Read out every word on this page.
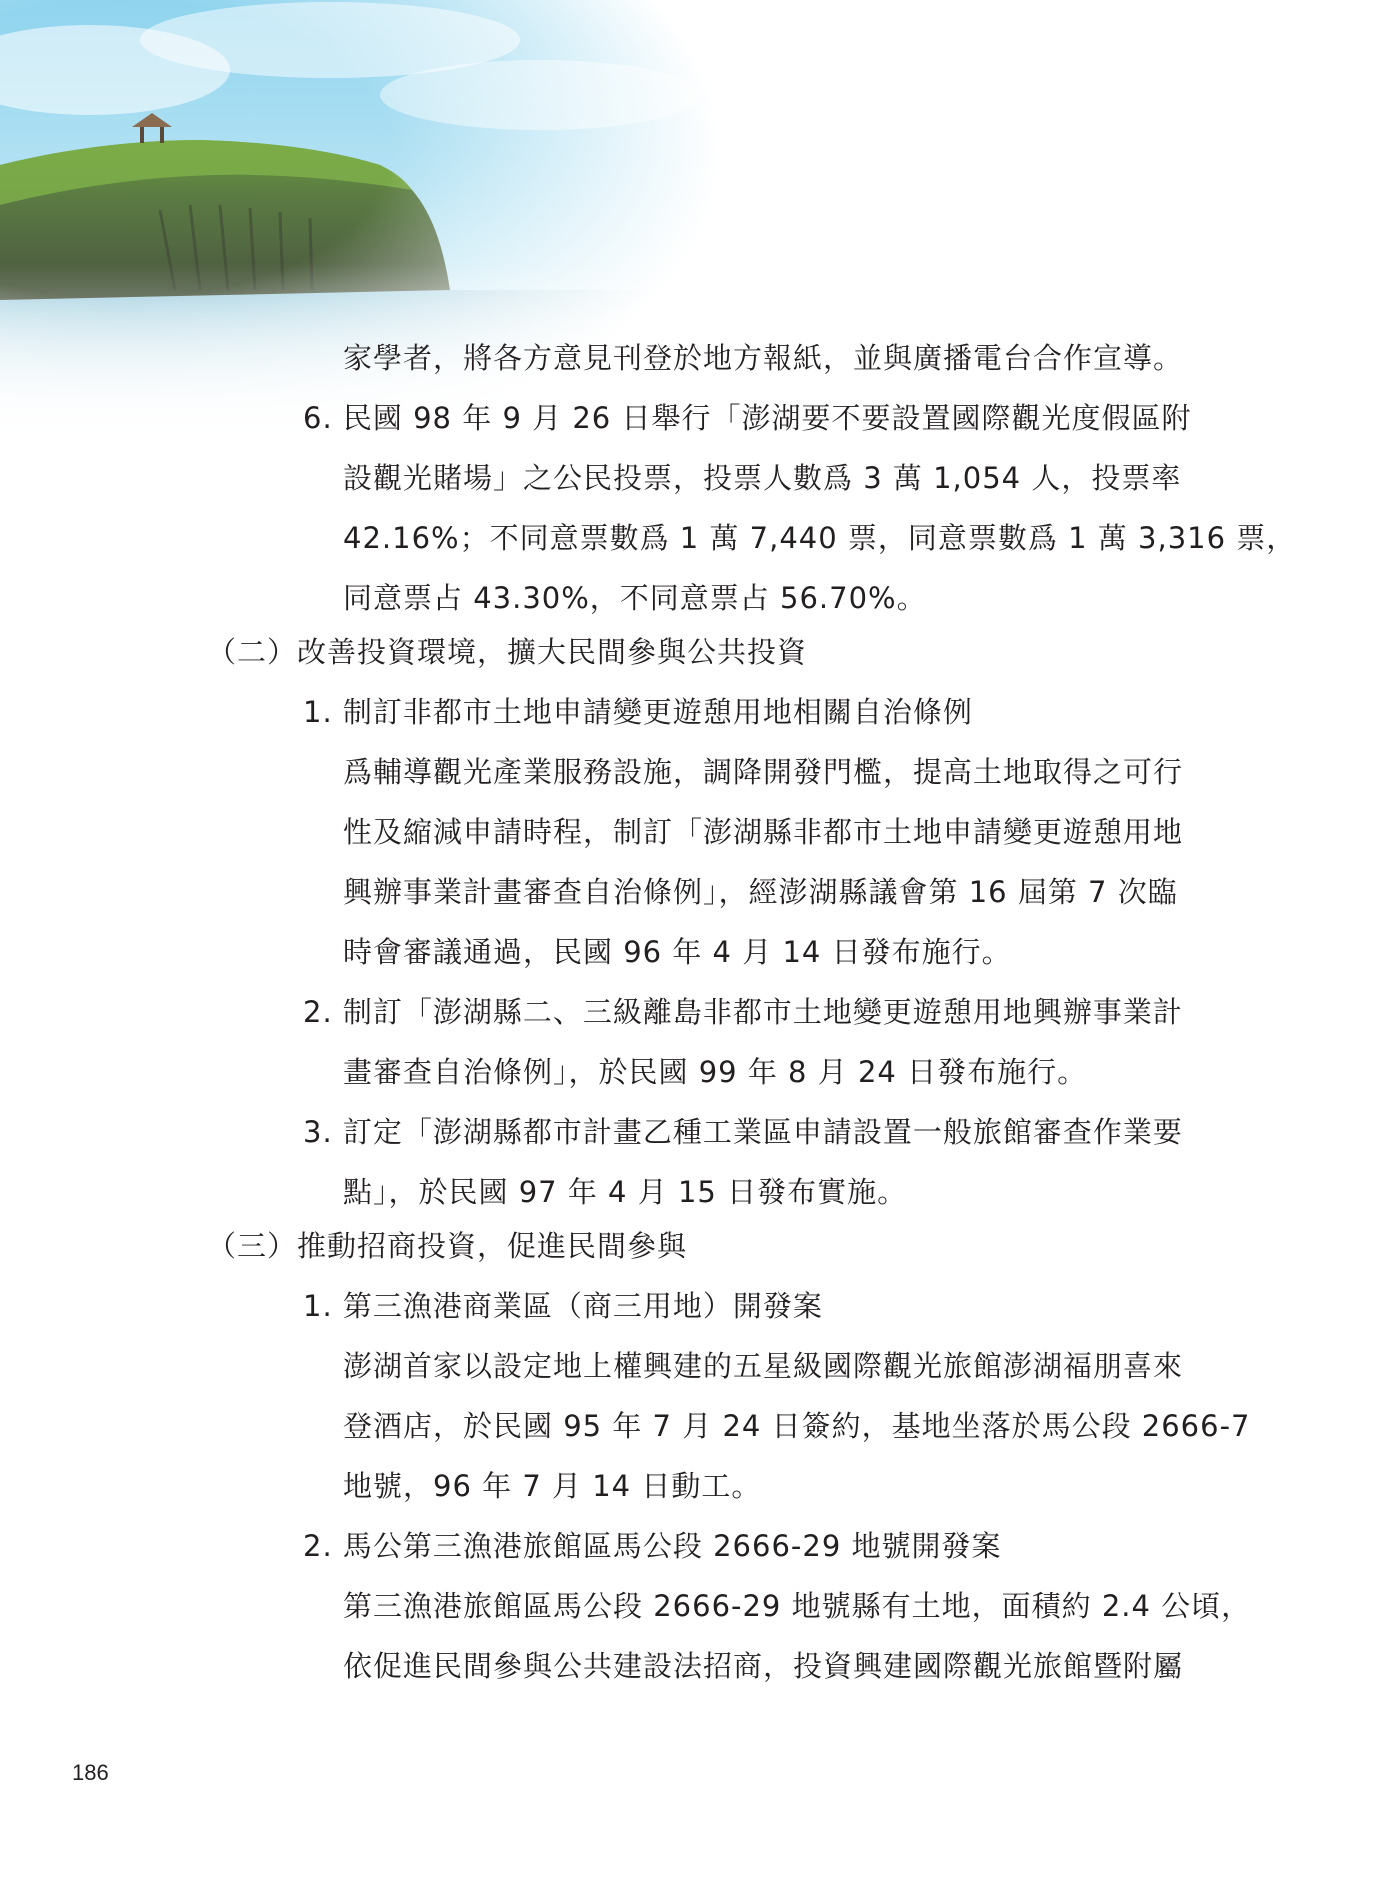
家學者，將各方意見刊登於地方報紙，並與廣播電台合作宣導。
6. 民國 98 年 9 月 26 日舉行「澎湖要不要設置國際觀光度假區附
設觀光賭場」之公民投票，投票人數爲 3 萬 1,054 人，投票率
42.16%；不同意票數爲 1 萬 7,440 票，同意票數爲 1 萬 3,316 票，
同意票占 43.30%，不同意票占 56.70%。
（二）改善投資環境，擴大民間參與公共投資
1. 制訂非都市土地申請變更遊憩用地相關自治條例
爲輔導觀光產業服務設施，調降開發門檻，提高土地取得之可行
性及縮減申請時程，制訂「澎湖縣非都市土地申請變更遊憩用地
興辦事業計畫審查自治條例」，經澎湖縣議會第 16 屆第 7 次臨
時會審議通過，民國 96 年 4 月 14 日發布施行。
2. 制訂「澎湖縣二、三級離島非都市土地變更遊憩用地興辦事業計
畫審查自治條例」，於民國 99 年 8 月 24 日發布施行。
3. 訂定「澎湖縣都市計畫乙種工業區申請設置一般旅館審查作業要
點」，於民國 97 年 4 月 15 日發布實施。
（三）推動招商投資，促進民間參與
1. 第三漁港商業區（商三用地）開發案
澎湖首家以設定地上權興建的五星級國際觀光旅館澎湖福朋喜來
登酒店，於民國 95 年 7 月 24 日簽約，基地坐落於馬公段 2666-7
地號，96 年 7 月 14 日動工。
2. 馬公第三漁港旅館區馬公段 2666-29 地號開發案
第三漁港旅館區馬公段 2666-29 地號縣有土地，面積約 2.4 公頃，
依促進民間參與公共建設法招商，投資興建國際觀光旅館暨附屬
186
